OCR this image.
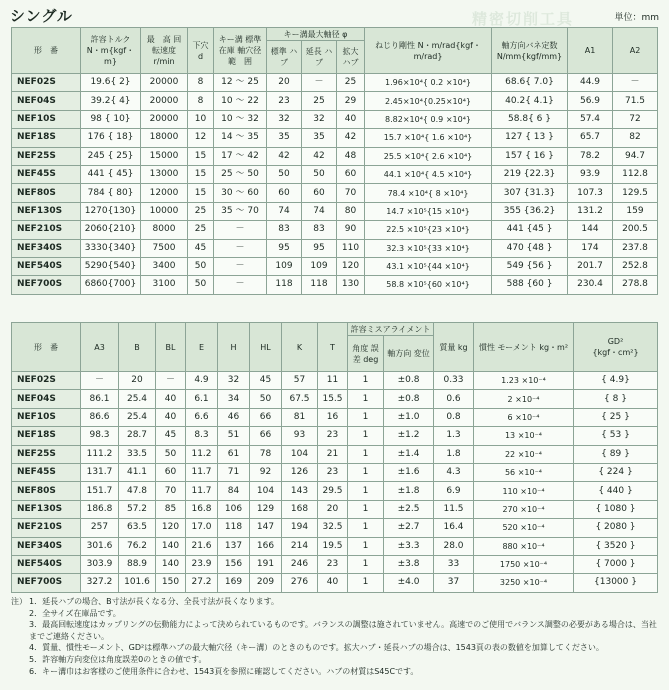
シングル	精密切削工具	単位：mm
形　番	許容トルク N・m{kgf・m}	最　高 回転速度 r/min	下穴 d	キー溝 標準在庫 軸穴径 範　囲	キー溝最大軸径 φ			ねじり剛性 N・m/rad{kgf・m/rad}	軸方向バネ定数 N/mm{kgf/mm}	A1	A2
					標準 ハブ	延長 ハブ	拡大 ハブ				
NEF02S	19.6{ 2}	20000	8	12 ～ 25	20	－	25	1.96×10⁴{ 0.2 ×10⁴}	68.6{ 7.0}	44.9	－
NEF04S	39.2{ 4}	20000	8	10 ～ 22	23	25	29	2.45×10⁴{0.25×10⁴}	40.2{ 4.1}	56.9	71.5
NEF10S	98 { 10}	20000	10	10 ～ 32	32	32	40	8.82×10⁴{ 0.9 ×10⁴}	58.8{ 6 }	57.4	72
NEF18S	176 { 18}	18000	12	14 ～ 35	35	35	42	15.7 ×10⁴{ 1.6 ×10⁴}	127 { 13 }	65.7	82
NEF25S	245 { 25}	15000	15	17 ～ 42	42	42	48	25.5 ×10⁴{ 2.6 ×10⁴}	157 { 16 }	78.2	94.7
NEF45S	441 { 45}	13000	15	25 ～ 50	50	50	60	44.1 ×10⁴{ 4.5 ×10⁴}	219 {22.3}	93.9	112.8
NEF80S	784 { 80}	12000	15	30 ～ 60	60	60	70	78.4 ×10⁴{ 8 ×10⁴}	307 {31.3}	107.3	129.5
NEF130S	1270{130}	10000	25	35 ～ 70	74	74	80	14.7 ×10⁵{15 ×10⁴}	355 {36.2}	131.2	159
NEF210S	2060{210}	8000	25	－	83	83	90	22.5 ×10⁵{23 ×10⁴}	441 {45 }	144	200.5
NEF340S	3330{340}	7500	45	－	95	95	110	32.3 ×10⁵{33 ×10⁴}	470 {48 }	174	237.8
NEF540S	5290{540}	3400	50	－	109	109	120	43.1 ×10⁵{44 ×10⁴}	549 {56 }	201.7	252.8
NEF700S	6860{700}	3100	50	－	118	118	130	58.8 ×10⁵{60 ×10⁴}	588 {60 }	230.4	278.8
形　番	A3	B	BL	E	H	HL	K	T	許容ミスアライメント		質量 kg	慣性 モーメント kg・m²	GD²
{kgf・cm²}
									角度 誤差 deg	軸方向 変位			
NEF02S	－	20	－	4.9	32	45	57	11	1	±0.8	0.33	1.23 ×10⁻⁴	{ 4.9}
NEF04S	86.1	25.4	40	6.1	34	50	67.5	15.5	1	±0.8	0.6	2 ×10⁻⁴	{ 8 }
NEF10S	86.6	25.4	40	6.6	46	66	81	16	1	±1.0	0.8	6 ×10⁻⁴	{ 25 }
NEF18S	98.3	28.7	45	8.3	51	66	93	23	1	±1.2	1.3	13 ×10⁻⁴	{ 53 }
NEF25S	111.2	33.5	50	11.2	61	78	104	21	1	±1.4	1.8	22 ×10⁻⁴	{ 89 }
NEF45S	131.7	41.1	60	11.7	71	92	126	23	1	±1.6	4.3	56 ×10⁻⁴	{ 224 }
NEF80S	151.7	47.8	70	11.7	84	104	143	29.5	1	±1.8	6.9	110 ×10⁻⁴	{ 440 }
NEF130S	186.8	57.2	85	16.8	106	129	168	20	1	±2.5	11.5	270 ×10⁻⁴	{ 1080 }
NEF210S	257	63.5	120	17.0	118	147	194	32.5	1	±2.7	16.4	520 ×10⁻⁴	{ 2080 }
NEF340S	301.6	76.2	140	21.6	137	166	214	19.5	1	±3.3	28.0	880 ×10⁻⁴	{ 3520 }
NEF540S	303.9	88.9	140	23.9	156	191	246	23	1	±3.8	33	1750 ×10⁻⁴	{ 7000 }
NEF700S	327.2	101.6	150	27.2	169	209	276	40	1	±4.0	37	3250 ×10⁻⁴	{13000 }
注） 1．延長ハブの場合、B寸法が長くなる分、全長寸法が長くなります。
2．全サイズ在庫品です。
3．最高回転速度はカップリングの伝動能力によって決められているものです。バランスの調整は施されていません。高速でのご使用でバランス調整の必要がある場合は、当社までご連絡ください。
4．質量、慣性モーメント、GD²は標準ハブの最大軸穴径（キー溝）のときのものです。拡大ハブ・延長ハブの場合は、1543頁の表の数値を加算してください。
5．許容軸方向変位は角度誤差0のときの値です。
6．キー溝巾はお客様のご使用条件に合わせ、1543頁を参照に確認してください。ハブの材質はS45Cです。
